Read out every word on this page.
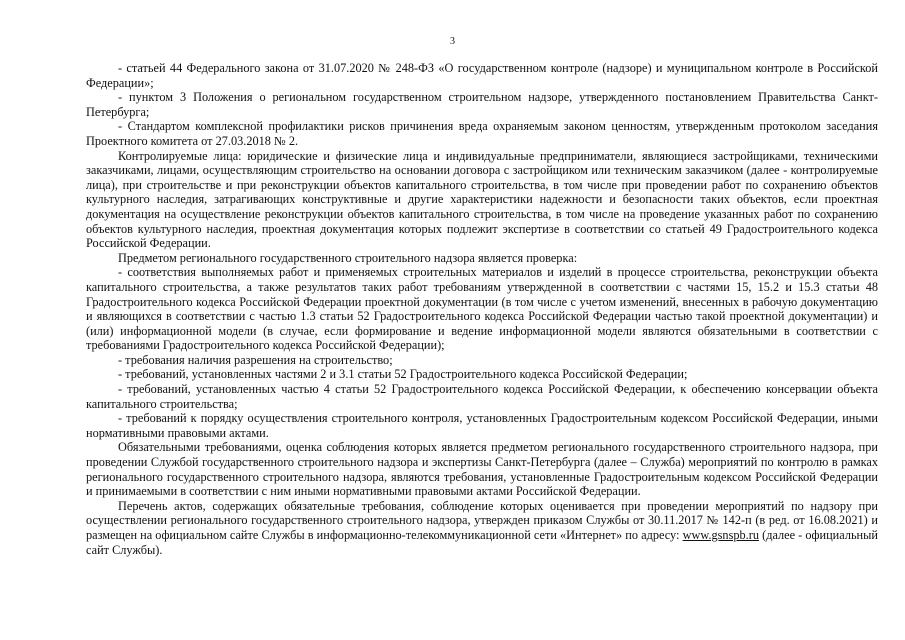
3

- статьей 44 Федерального закона от 31.07.2020 № 248-ФЗ «О государственном контроле (надзоре) и муниципальном контроле в Российской Федерации»;

- пунктом 3 Положения о региональном государственном строительном надзоре, утвержденного постановлением Правительства Санкт-Петербурга;

- Стандартом комплексной профилактики рисков причинения вреда охраняемым законом ценностям, утвержденным протоколом заседания Проектного комитета от 27.03.2018 № 2.

Контролируемые лица: юридические и физические лица и индивидуальные предприниматели, являющиеся застройщиками, техническими заказчиками, лицами, осуществляющим строительство на основании договора с застройщиком или техническим заказчиком (далее - контролируемые лица), при строительстве и при реконструкции объектов капитального строительства, в том числе при проведении работ по сохранению объектов культурного наследия, затрагивающих конструктивные и другие характеристики надежности и безопасности таких объектов, если проектная документация на осуществление реконструкции объектов капитального строительства, в том числе на проведение указанных работ по сохранению объектов культурного наследия, проектная документация которых подлежит экспертизе в соответствии со статьей 49 Градостроительного кодекса Российской Федерации.

Предметом регионального государственного строительного надзора является проверка:

- соответствия выполняемых работ и применяемых строительных материалов и изделий в процессе строительства, реконструкции объекта капитального строительства, а также результатов таких работ требованиям утвержденной в соответствии с частями 15, 15.2 и 15.3 статьи 48 Градостроительного кодекса Российской Федерации проектной документации (в том числе с учетом изменений, внесенных в рабочую документацию и являющихся в соответствии с частью 1.3 статьи 52 Градостроительного кодекса Российской Федерации частью такой проектной документации) и (или) информационной модели (в случае, если формирование и ведение информационной модели являются обязательными в соответствии с требованиями Градостроительного кодекса Российской Федерации);

- требования наличия разрешения на строительство;

- требований, установленных частями 2 и 3.1 статьи 52 Градостроительного кодекса Российской Федерации;

- требований, установленных частью 4 статьи 52 Градостроительного кодекса Российской Федерации, к обеспечению консервации объекта капитального строительства;

- требований к порядку осуществления строительного контроля, установленных Градостроительным кодексом Российской Федерации, иными нормативными правовыми актами.

Обязательными требованиями, оценка соблюдения которых является предметом регионального государственного строительного надзора, при проведении Службой государственного строительного надзора и экспертизы Санкт-Петербурга (далее – Служба) мероприятий по контролю в рамках регионального государственного строительного надзора, являются требования, установленные Градостроительным кодексом Российской Федерации и принимаемыми в соответствии с ним иными нормативными правовыми актами Российской Федерации.

Перечень актов, содержащих обязательные требования, соблюдение которых оценивается при проведении мероприятий по надзору при осуществлении регионального государственного строительного надзора, утвержден приказом Службы от 30.11.2017 № 142-п (в ред. от 16.08.2021) и размещен на официальном сайте Службы в информационно-телекоммуникационной сети «Интернет» по адресу: www.gsnspb.ru (далее - официальный сайт Службы).
